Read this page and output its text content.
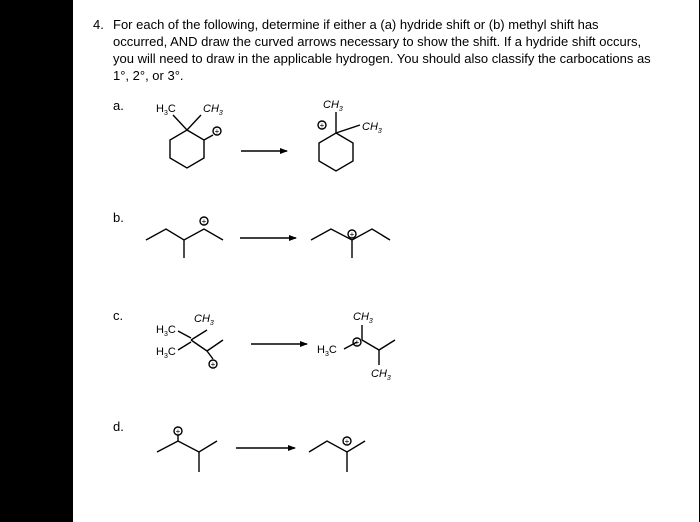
4. For each of the following, determine if either a (a) hydride shift or (b) methyl shift has occurred, AND draw the curved arrows necessary to show the shift. If a hydride shift occurs, you will need to draw in the applicable hydrogen. You should also classify the carbocations as 1°, 2°, or 3°.
a.
b.
c.
d.
+
+
+
+
+
+
+
+
$H_3C$ $CH_3$
$CH_3$
$CH_3$
$H_3C$
$H_3C$
$CH_3$
$H_3C$
$CH_3$
$CH_3$
